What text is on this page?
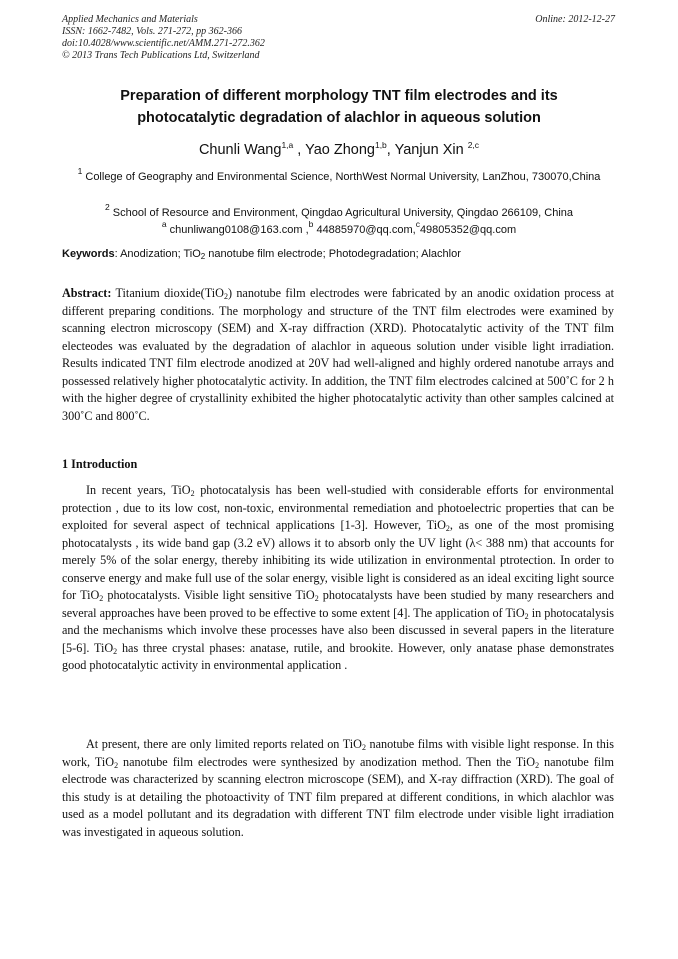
Applied Mechanics and Materials
ISSN: 1662-7482, Vols. 271-272, pp 362-366
doi:10.4028/www.scientific.net/AMM.271-272.362
© 2013 Trans Tech Publications Ltd, Switzerland
Online: 2012-12-27
Preparation of different morphology TNT film electrodes and its
photocatalytic degradation of alachlor in aqueous solution
Chunli Wang$^{1,a}$ , Yao Zhong$^{1,b}$, Yanjun Xin $^{2,c}$
$^1$ College of Geography and Environmental Science, NorthWest Normal University, LanZhou, 730070,China
$^2$ School of Resource and Environment, Qingdao Agricultural University, Qingdao 266109, China
$^a$ chunliwang0108@163.com ,$^b$ 44885970@qq.com,$^c$49805352@qq.com
Keywords: Anodization; TiO$_2$ nanotube film electrode; Photodegradation; Alachlor
Abstract: Titanium dioxide(TiO$_2$) nanotube film electrodes were fabricated by an anodic oxidation process at different preparing conditions. The morphology and structure of the TNT film electrodes were examined by scanning electron microscopy (SEM) and X-ray diffraction (XRD). Photocatalytic activity of the TNT film electeodes was evaluated by the degradation of alachlor in aqueous solution under visible light irradiation. Results indicated TNT film electrode anodized at 20V had well-aligned and highly ordered nanotube arrays and possessed relatively higher photocatalytic activity. In addition, the TNT film electrodes calcined at 500˚C for 2 h with the higher degree of crystallinity exhibited the higher photocatalytic activity than other samples calcined at 300˚C and 800˚C.
1 Introduction

In recent years, TiO$_2$ photocatalysis has been well-studied with considerable efforts for environmental protection , due to its low cost, non-toxic, environmental remediation and photoelectric properties that can be exploited for several aspect of technical applications [1-3]. However, TiO$_2$, as one of the most promising photocatalysts , its wide band gap (3.2 eV) allows it to absorb only the UV light (λ< 388 nm) that accounts for merely 5% of the solar energy, thereby inhibiting its wide utilization in environmental ptrotection. In order to conserve energy and make full use of the solar energy, visible light is considered as an ideal exciting light source for TiO$_2$ photocatalysts. Visible light sensitive TiO$_2$ photocatalysts have been studied by many researchers and several approaches have been proved to be effective to some extent [4]. The application of TiO$_2$ in photocatalysis and the mechanisms which involve these processes have also been discussed in several papers in the literature [5-6]. TiO$_2$ has three crystal phases: anatase, rutile, and brookite. However, only anatase phase demonstrates good photocatalytic activity in environmental application .

At present, there are only limited reports related on TiO$_2$ nanotube films with visible light response. In this work, TiO$_2$ nanotube film electrodes were synthesized by anodization method. Then the TiO$_2$ nanotube film electrode was characterized by scanning electron microscope (SEM), and X-ray diffraction (XRD). The goal of this study is at detailing the photoactivity of TNT film prepared at different conditions, in which alachlor was used as a model pollutant and its degradation with different TNT film electrode under visible light irradiation was investigated in aqueous solution.
